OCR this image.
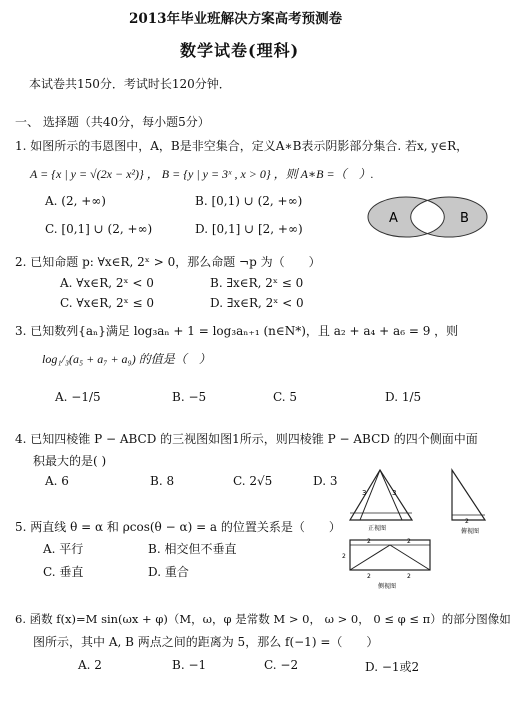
2013年毕业班解决方案高考预测卷
数学试卷(理科)
本试卷共150分．考试时长120分钟．
一、 选择题（共40分，每小题5分）
1. 如图所示的韦恩图中，A，B是非空集合，定义A∗B表示阴影部分集合. 若x, y∈R，
A = {x | y = √(2x − x²)} ， B = {y | y = 3ˣ , x > 0} ，则 A∗B =（　）.
A. (2, +∞)	B. [0,1) ∪ (2, +∞)
C. [0,1] ∪ (2, +∞)	D. [0,1] ∪ [2, +∞)
A	B
2. 已知命题 p: ∀x∈R, 2ˣ > 0，那么命题 ¬p 为（　　）
A. ∀x∈R, 2ˣ < 0	B. ∃x∈R, 2ˣ ≤ 0
C. ∀x∈R, 2ˣ ≤ 0	D. ∃x∈R, 2ˣ < 0
3. 已知数列{aₙ}满足 log₃aₙ + 1 = log₃aₙ₊₁ (n∈N*)，且 a₂ + a₄ + a₆ = 9 ，则
log₁/₃(a₅ + a₇ + a₉) 的值是（　）
A. −1/5	B. −5	C. 5	D. 1/5
4. 已知四棱锥 P − ABCD 的三视图如图1所示，则四棱锥 P − ABCD 的四个侧面中面
积最大的是( )
A. 6	B. 8	C. 2√5	D. 3
3	3
正视图
2
俯视图
2	2
2
2	2
侧视图
5. 两直线 θ = α 和 ρcos(θ − α) = a 的位置关系是（　　）
A. 平行	B. 相交但不垂直
C. 垂直	D. 重合
6. 函数 f(x)=M sin(ωx + φ)（M，ω，φ 是常数 M > 0， ω > 0， 0 ≤ φ ≤ π）的部分图像如
图所示，其中 A, B 两点之间的距离为 5，那么 f(−1) =（　　）
A. 2	B. −1	C. −2	D. −1或2
